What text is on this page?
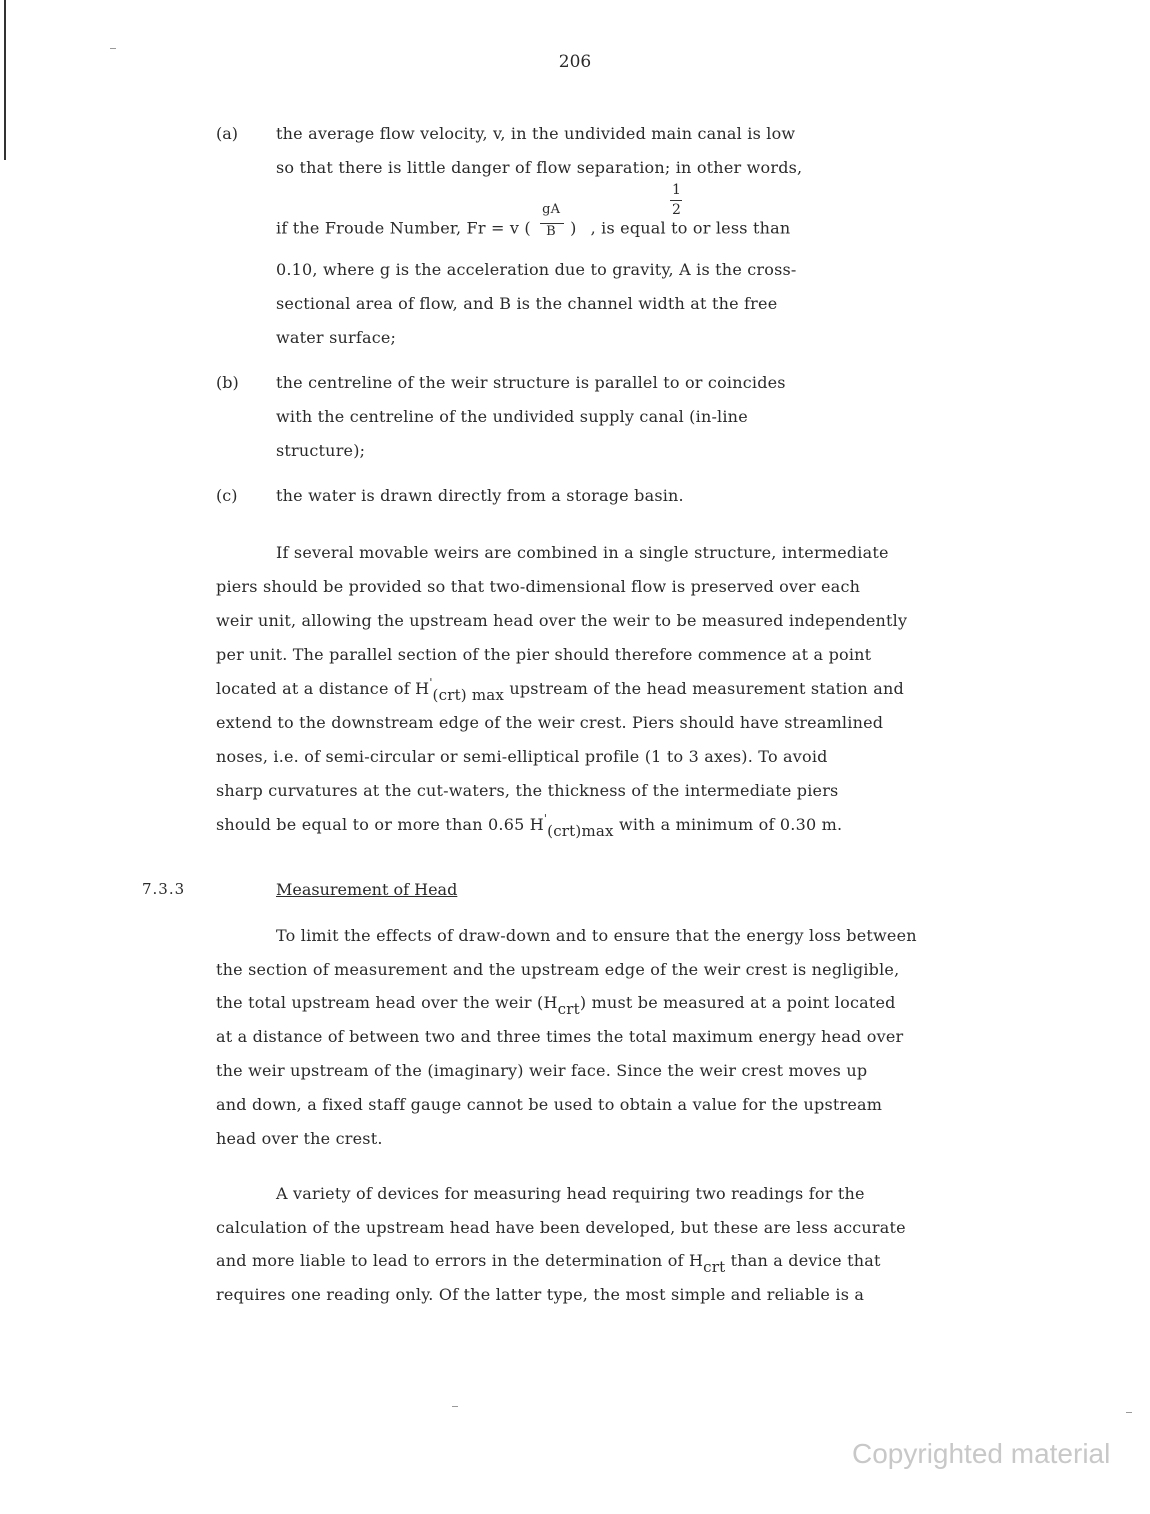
206
(a) the average flow velocity, v, in the undivided main canal is low
so that there is little danger of flow separation; in other words,
if the Froude Number, Fr = v ( $\frac{gA}{B}$ ) , is equal to or less than
1
2
0.10, where g is the acceleration due to gravity, A is the cross-
sectional area of flow, and B is the channel width at the free
water surface;
(b) the centreline of the weir structure is parallel to or coincides
with the centreline of the undivided supply canal (in-line
structure);
(c) the water is drawn directly from a storage basin.
If several movable weirs are combined in a single structure, intermediate
piers should be provided so that two-dimensional flow is preserved over each
weir unit, allowing the upstream head over the weir to be measured independently
per unit. The parallel section of the pier should therefore commence at a point
located at a distance of H'(crt) max upstream of the head measurement station and
extend to the downstream edge of the weir crest. Piers should have streamlined
noses, i.e. of semi-circular or semi-elliptical profile (1 to 3 axes). To avoid
sharp curvatures at the cut-waters, the thickness of the intermediate piers
should be equal to or more than 0.65 H'(crt)max with a minimum of 0.30 m.
7.3.3	Measurement of Head
To limit the effects of draw-down and to ensure that the energy loss between
the section of measurement and the upstream edge of the weir crest is negligible,
the total upstream head over the weir (Hcrt) must be measured at a point located
at a distance of between two and three times the total maximum energy head over
the weir upstream of the (imaginary) weir face. Since the weir crest moves up
and down, a fixed staff gauge cannot be used to obtain a value for the upstream
head over the crest.
A variety of devices for measuring head requiring two readings for the
calculation of the upstream head have been developed, but these are less accurate
and more liable to lead to errors in the determination of Hcrt than a device that
requires one reading only. Of the latter type, the most simple and reliable is a
Copyrighted material
